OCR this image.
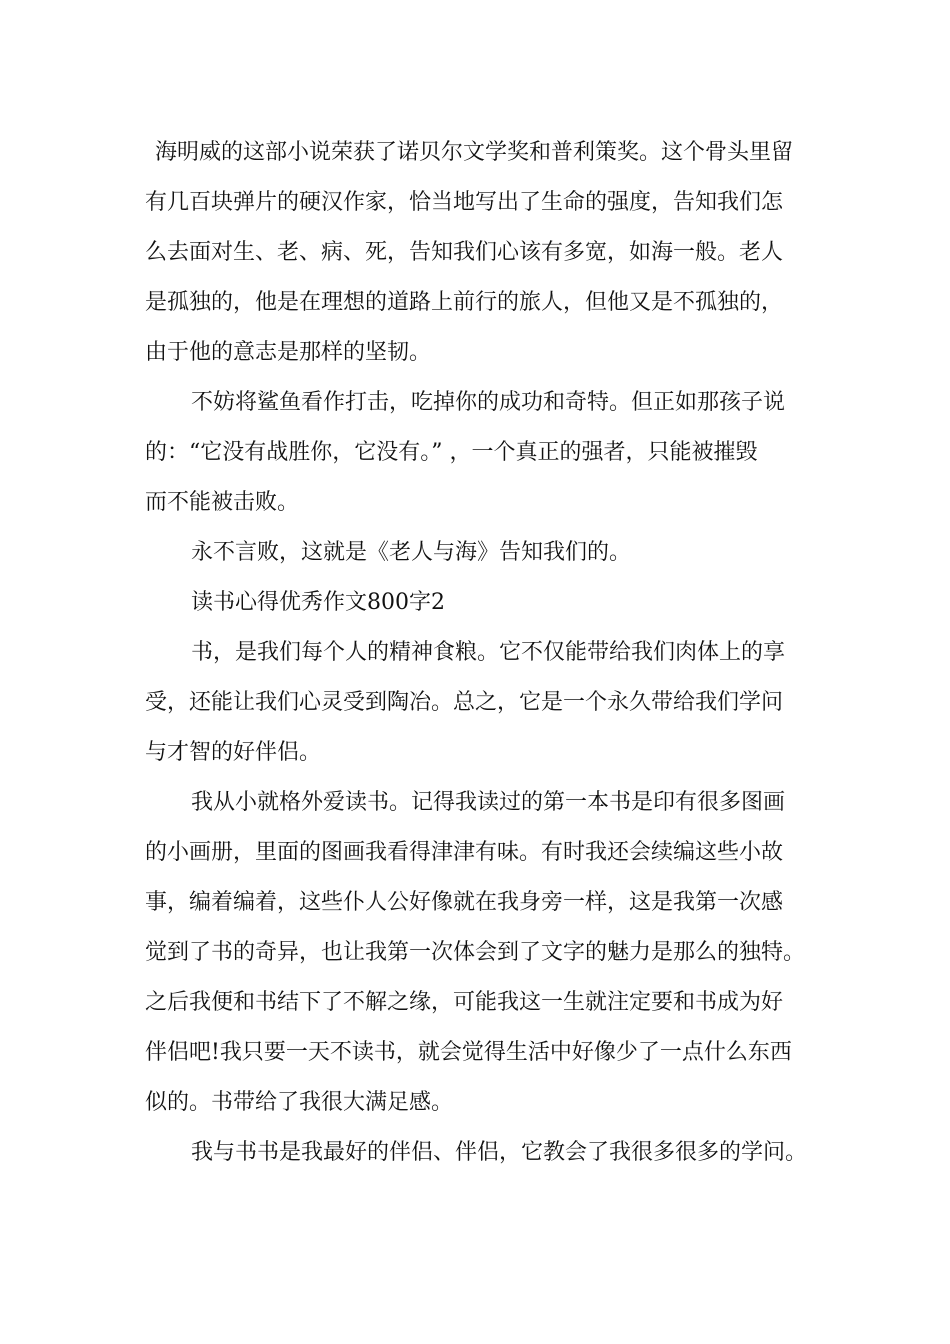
海明威的这部小说荣获了诺贝尔文学奖和普利策奖。这个骨头里留
有几百块弹片的硬汉作家，恰当地写出了生命的强度，告知我们怎
么去面对生、老、病、死，告知我们心该有多宽，如海一般。老人
是孤独的，他是在理想的道路上前行的旅人，但他又是不孤独的，
由于他的意志是那样的坚韧。
不妨将鲨鱼看作打击，吃掉你的成功和奇特。但正如那孩子说
的：“它没有战胜你，它没有。” ，一个真正的强者，只能被摧毁
而不能被击败。
永不言败，这就是《老人与海》告知我们的。
读书心得优秀作文800字2
书，是我们每个人的精神食粮。它不仅能带给我们肉体上的享
受，还能让我们心灵受到陶冶。总之，它是一个永久带给我们学问
与才智的好伴侣。
我从小就格外爱读书。记得我读过的第一本书是印有很多图画
的小画册，里面的图画我看得津津有味。有时我还会续编这些小故
事，编着编着，这些仆人公好像就在我身旁一样，这是我第一次感
觉到了书的奇异，也让我第一次体会到了文字的魅力是那么的独特。
之后我便和书结下了不解之缘，可能我这一生就注定要和书成为好
伴侣吧!我只要一天不读书，就会觉得生活中好像少了一点什么东西
似的。书带给了我很大满足感。
我与书书是我最好的伴侣、伴侣，它教会了我很多很多的学问。
